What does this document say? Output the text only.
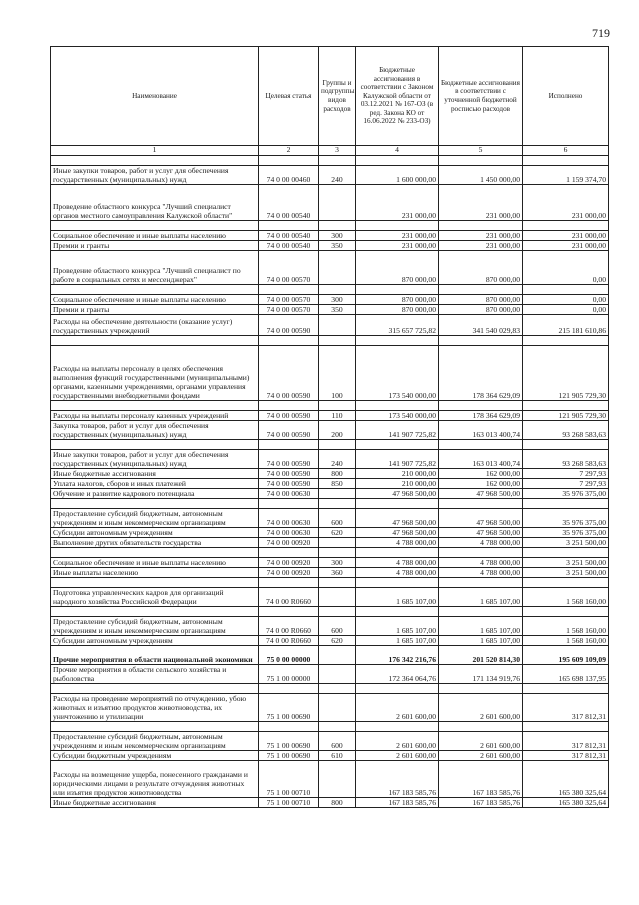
719
Наименование	Целевая статья	Группы и подгруппы видов расходов	Бюджетные ассигнования в соответствии с Законом Калужской области от 03.12.2021 № 167-ОЗ (в ред. Закона КО от 16.06.2022 № 233-ОЗ)	Бюджетные ассигнования в соответствии с уточненной бюджетной росписью расходов	Исполнено
1	2	3	4	5	6

Иные закупки товаров, работ и услуг для обеспечения государственных (муниципальных) нужд	74 0 00 00460	240	1 600 000,00	1 450 000,00	1 159 374,70
Проведение областного конкурса "Лучший специалист органов местного самоуправления Калужской области"	74 0 00 00540		231 000,00	231 000,00	231 000,00

Социальное обеспечение и иные выплаты населению	74 0 00 00540	300	231 000,00	231 000,00	231 000,00
Премии и гранты	74 0 00 00540	350	231 000,00	231 000,00	231 000,00
Проведение областного конкурса "Лучший специалист по работе в социальных сетях и мессенджерах"	74 0 00 00570		870 000,00	870 000,00	0,00

Социальное обеспечение и иные выплаты населению	74 0 00 00570	300	870 000,00	870 000,00	0,00
Премии и гранты	74 0 00 00570	350	870 000,00	870 000,00	0,00
Расходы на обеспечение деятельности (оказание услуг) государственных учреждений	74 0 00 00590		315 657 725,82	341 540 029,83	215 181 610,86

Расходы на выплаты персоналу в целях обеспечения выполнения функций государственными (муниципальными) органами, казенными учреждениями, органами управления государственными внебюджетными фондами	74 0 00 00590	100	173 540 000,00	178 364 629,09	121 905 729,30

Расходы на выплаты персоналу казенных учреждений	74 0 00 00590	110	173 540 000,00	178 364 629,09	121 905 729,30
Закупка товаров, работ и услуг для обеспечения государственных (муниципальных) нужд	74 0 00 00590	200	141 907 725,82	163 013 400,74	93 268 583,63

Иные закупки товаров, работ и услуг для обеспечения государственных (муниципальных) нужд	74 0 00 00590	240	141 907 725,82	163 013 400,74	93 268 583,63
Иные бюджетные ассигнования	74 0 00 00590	800	210 000,00	162 000,00	7 297,93
Уплата налогов, сборов и иных платежей	74 0 00 00590	850	210 000,00	162 000,00	7 297,93
Обучение и развитие кадрового потенциала	74 0 00 00630		47 968 500,00	47 968 500,00	35 976 375,00

Предоставление субсидий бюджетным, автономным учреждениям и иным некоммерческим организациям	74 0 00 00630	600	47 968 500,00	47 968 500,00	35 976 375,00
Субсидии автономным учреждениям	74 0 00 00630	620	47 968 500,00	47 968 500,00	35 976 375,00
Выполнение других обязательств государства	74 0 00 00920		4 788 000,00	4 788 000,00	3 251 500,00

Социальное обеспечение и иные выплаты населению	74 0 00 00920	300	4 788 000,00	4 788 000,00	3 251 500,00
Иные выплаты населению	74 0 00 00920	360	4 788 000,00	4 788 000,00	3 251 500,00

Подготовка управленческих кадров для организаций народного хозяйства Российской Федерации	74 0 00 R0660		1 685 107,00	1 685 107,00	1 568 160,00

Предоставление субсидий бюджетным, автономным учреждениям и иным некоммерческим организациям	74 0 00 R0660	600	1 685 107,00	1 685 107,00	1 568 160,00
Субсидии автономным учреждениям	74 0 00 R0660	620	1 685 107,00	1 685 107,00	1 568 160,00
Прочие мероприятия в области национальной экономики	75 0 00 00000		176 342 216,76	201 520 814,30	195 609 109,09
Прочие мероприятия в области сельского хозяйства и рыболовства	75 1 00 00000		172 364 064,76	171 134 919,76	165 698 137,95

Расходы на проведение мероприятий по отчуждению, убою животных и изъятию продуктов животноводства, их уничтожению и утилизации	75 1 00 00690		2 601 600,00	2 601 600,00	317 812,31

Предоставление субсидий бюджетным, автономным учреждениям и иным некоммерческим организациям	75 1 00 00690	600	2 601 600,00	2 601 600,00	317 812,31
Субсидии бюджетным учреждениям	75 1 00 00690	610	2 601 600,00	2 601 600,00	317 812,31
Расходы на возмещение ущерба, понесенного гражданами и юридическими лицами в результате отчуждения животных или изъятия продуктов животноводства	75 1 00 00710		167 183 585,76	167 183 585,76	165 380 325,64
Иные бюджетные ассигнования	75 1 00 00710	800	167 183 585,76	167 183 585,76	165 380 325,64
